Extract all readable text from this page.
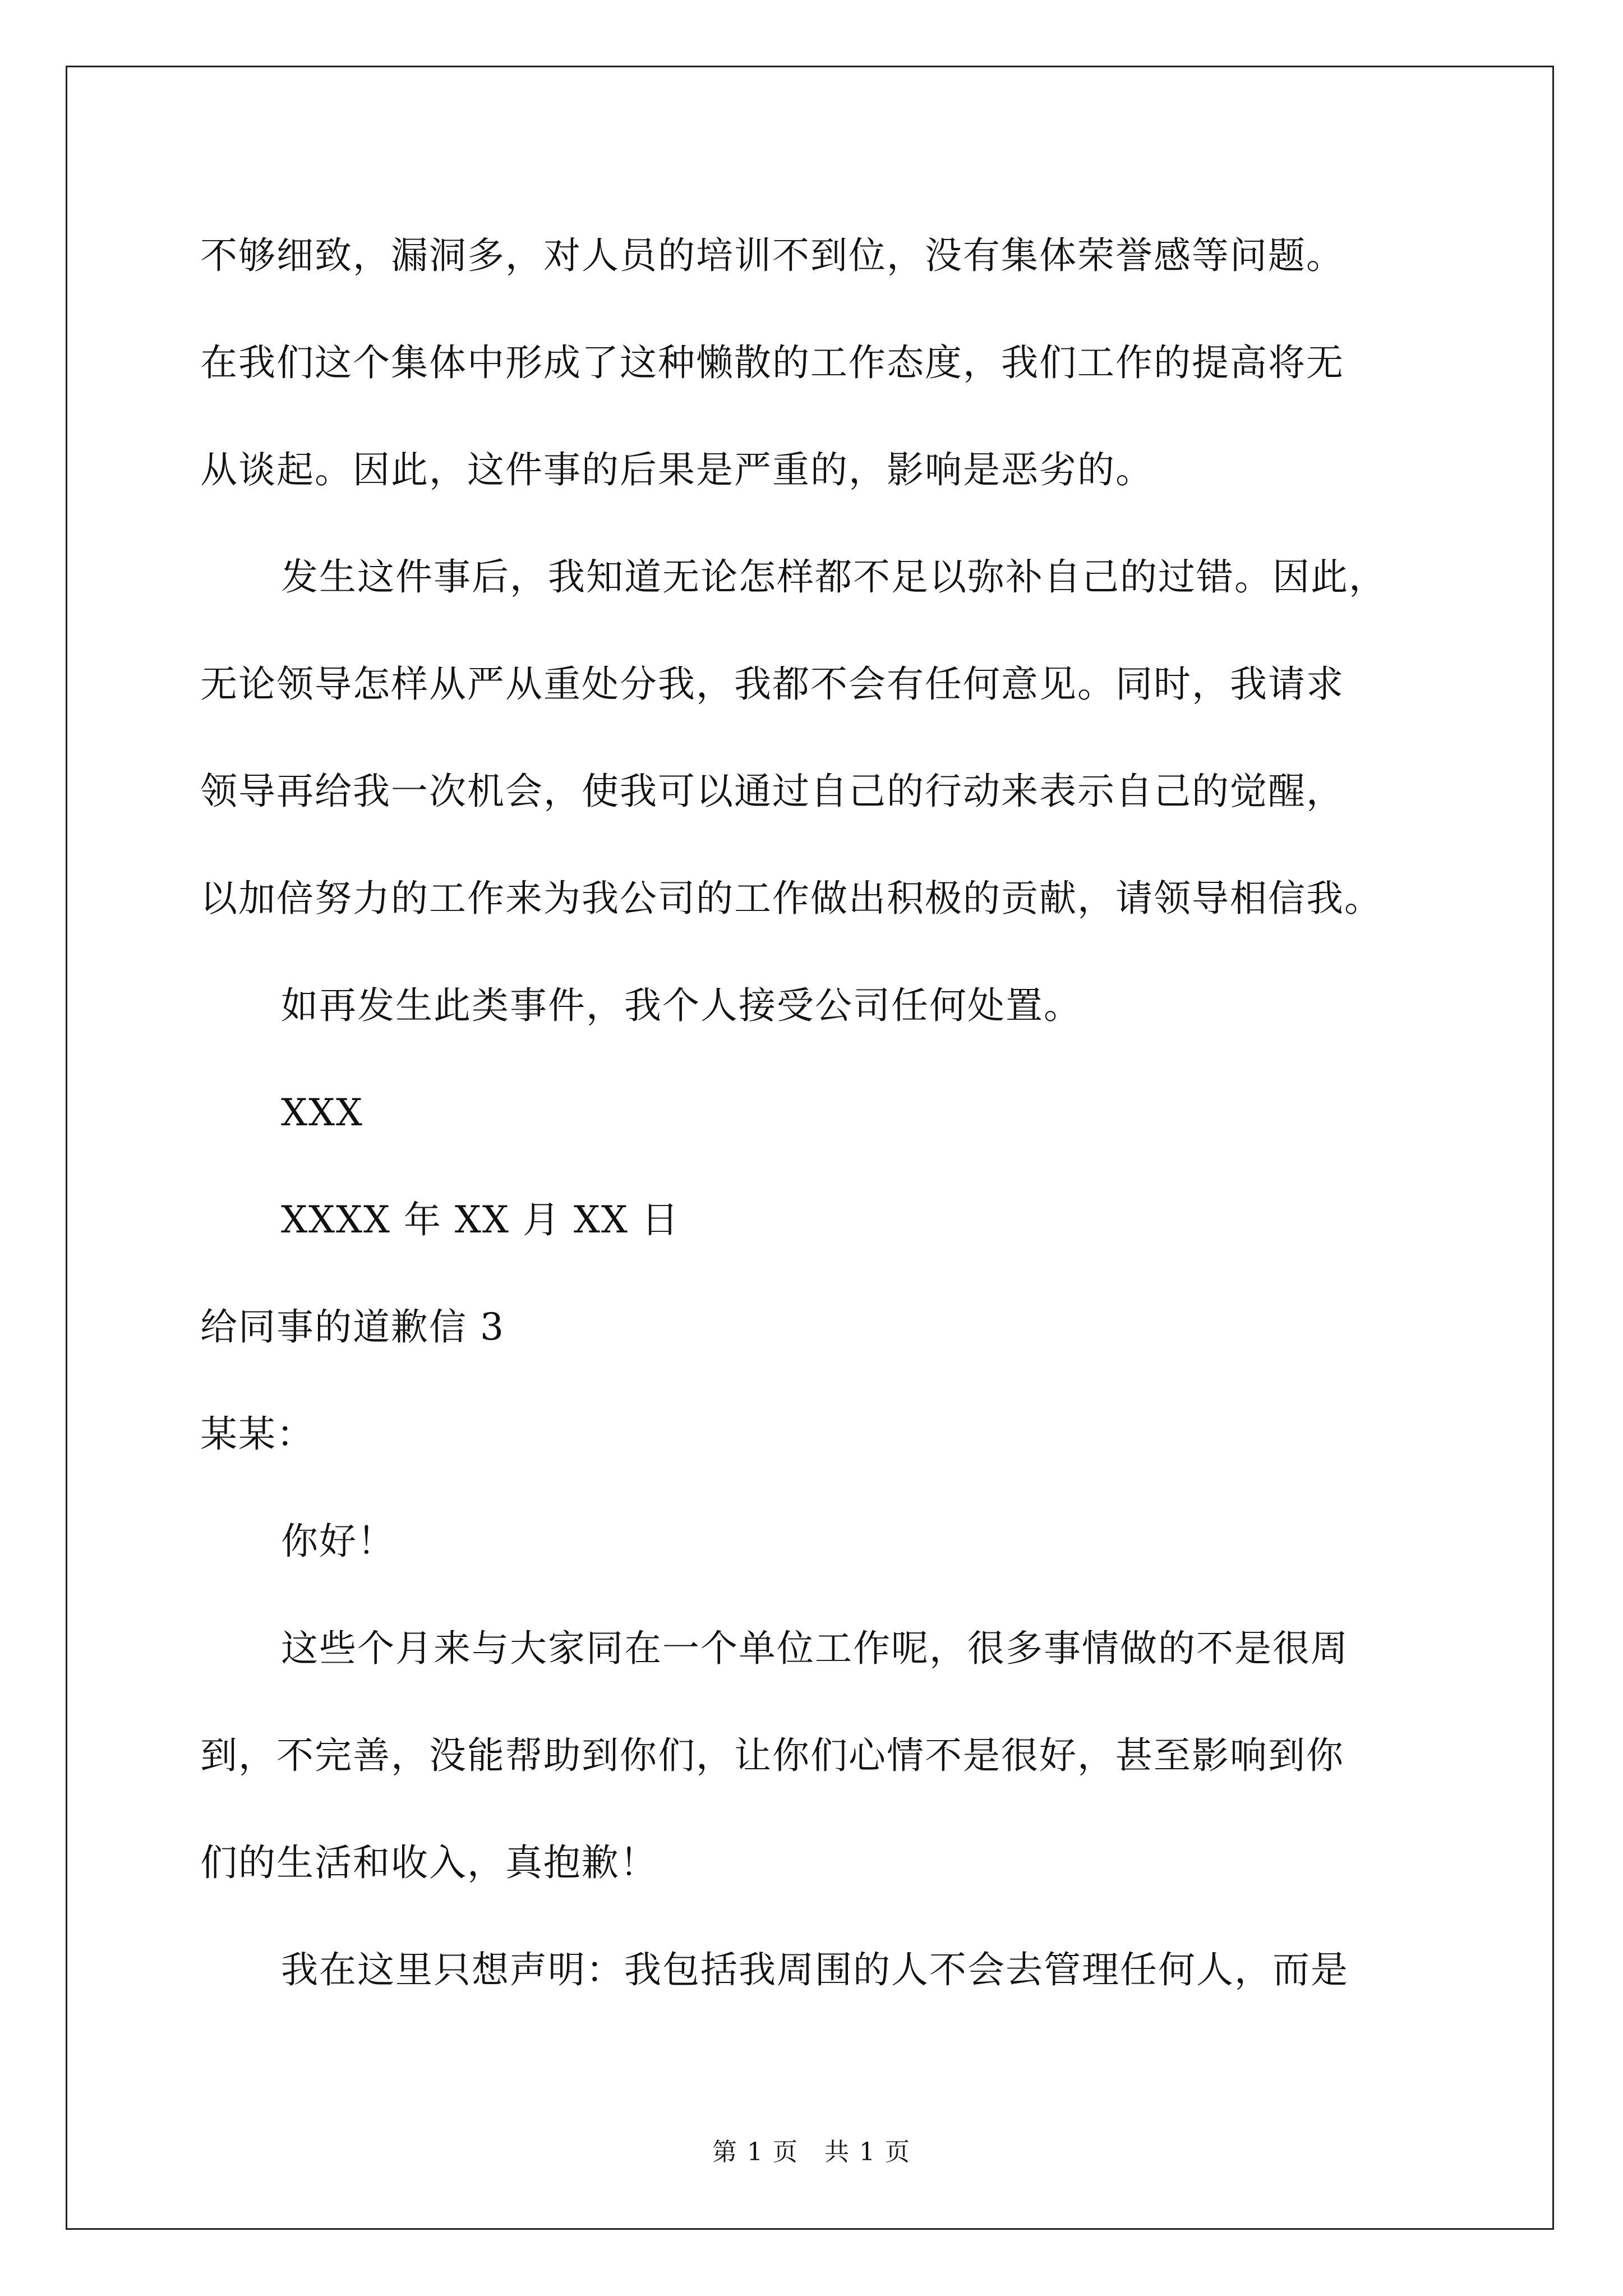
不够细致，漏洞多，对人员的培训不到位，没有集体荣誉感等问题。
在我们这个集体中形成了这种懒散的工作态度，我们工作的提高将无
从谈起。因此，这件事的后果是严重的，影响是恶劣的。
发生这件事后，我知道无论怎样都不足以弥补自己的过错。因此，
无论领导怎样从严从重处分我，我都不会有任何意见。同时，我请求
领导再给我一次机会，使我可以通过自己的行动来表示自己的觉醒，
以加倍努力的工作来为我公司的工作做出积极的贡献，请领导相信我。
如再发生此类事件，我个人接受公司任何处置。
XXX
XXXX 年 XX 月 XX 日
给同事的道歉信 3
某某：
你好！
这些个月来与大家同在一个单位工作呢，很多事情做的不是很周
到，不完善，没能帮助到你们，让你们心情不是很好，甚至影响到你
们的生活和收入，真抱歉！
我在这里只想声明：我包括我周围的人不会去管理任何人，而是
第 1 页　共 1 页
